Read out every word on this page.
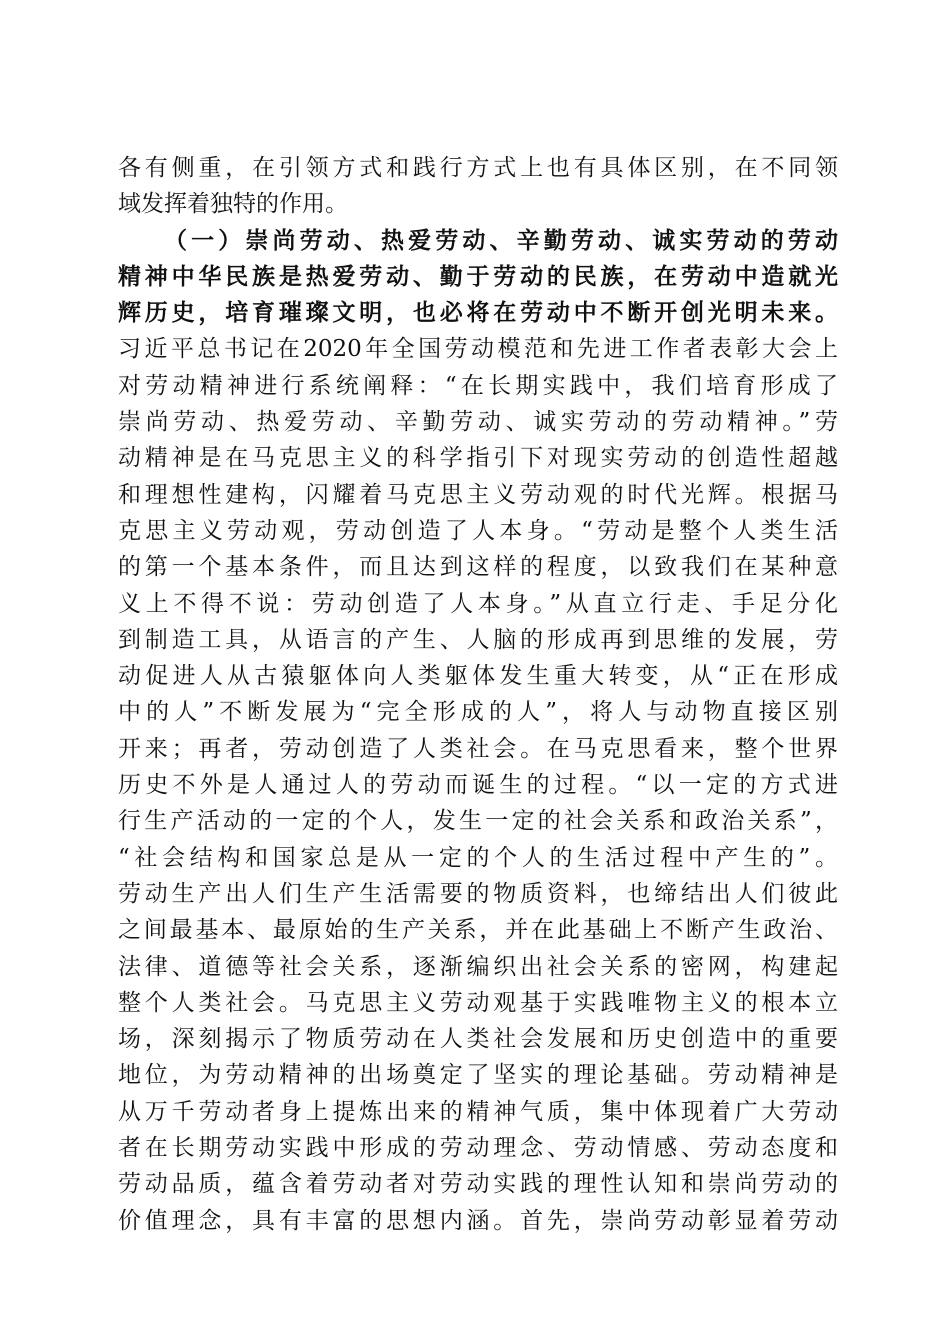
各有侧重，在引领方式和践行方式上也有具体区别，在不同领
域发挥着独特的作用。
（一）崇尚劳动、热爱劳动、辛勤劳动、诚实劳动的劳动
精神中华民族是热爱劳动、勤于劳动的民族，在劳动中造就光
辉历史，培育璀璨文明，也必将在劳动中不断开创光明未来。
习近平总书记在2020年全国劳动模范和先进工作者表彰大会上
对劳动精神进行系统阐释：“在长期实践中，我们培育形成了
崇尚劳动、热爱劳动、辛勤劳动、诚实劳动的劳动精神。”劳
动精神是在马克思主义的科学指引下对现实劳动的创造性超越
和理想性建构，闪耀着马克思主义劳动观的时代光辉。根据马
克思主义劳动观，劳动创造了人本身。“劳动是整个人类生活
的第一个基本条件，而且达到这样的程度，以致我们在某种意
义上不得不说：劳动创造了人本身。”从直立行走、手足分化
到制造工具，从语言的产生、人脑的形成再到思维的发展，劳
动促进人从古猿躯体向人类躯体发生重大转变，从“正在形成
中的人”不断发展为“完全形成的人”，将人与动物直接区别
开来；再者，劳动创造了人类社会。在马克思看来，整个世界
历史不外是人通过人的劳动而诞生的过程。“以一定的方式进
行生产活动的一定的个人，发生一定的社会关系和政治关系”，
“社会结构和国家总是从一定的个人的生活过程中产生的”。
劳动生产出人们生产生活需要的物质资料，也缔结出人们彼此
之间最基本、最原始的生产关系，并在此基础上不断产生政治、
法律、道德等社会关系，逐渐编织出社会关系的密网，构建起
整个人类社会。马克思主义劳动观基于实践唯物主义的根本立
场，深刻揭示了物质劳动在人类社会发展和历史创造中的重要
地位，为劳动精神的出场奠定了坚实的理论基础。劳动精神是
从万千劳动者身上提炼出来的精神气质，集中体现着广大劳动
者在长期劳动实践中形成的劳动理念、劳动情感、劳动态度和
劳动品质，蕴含着劳动者对劳动实践的理性认知和崇尚劳动的
价值理念，具有丰富的思想内涵。首先，崇尚劳动彰显着劳动
